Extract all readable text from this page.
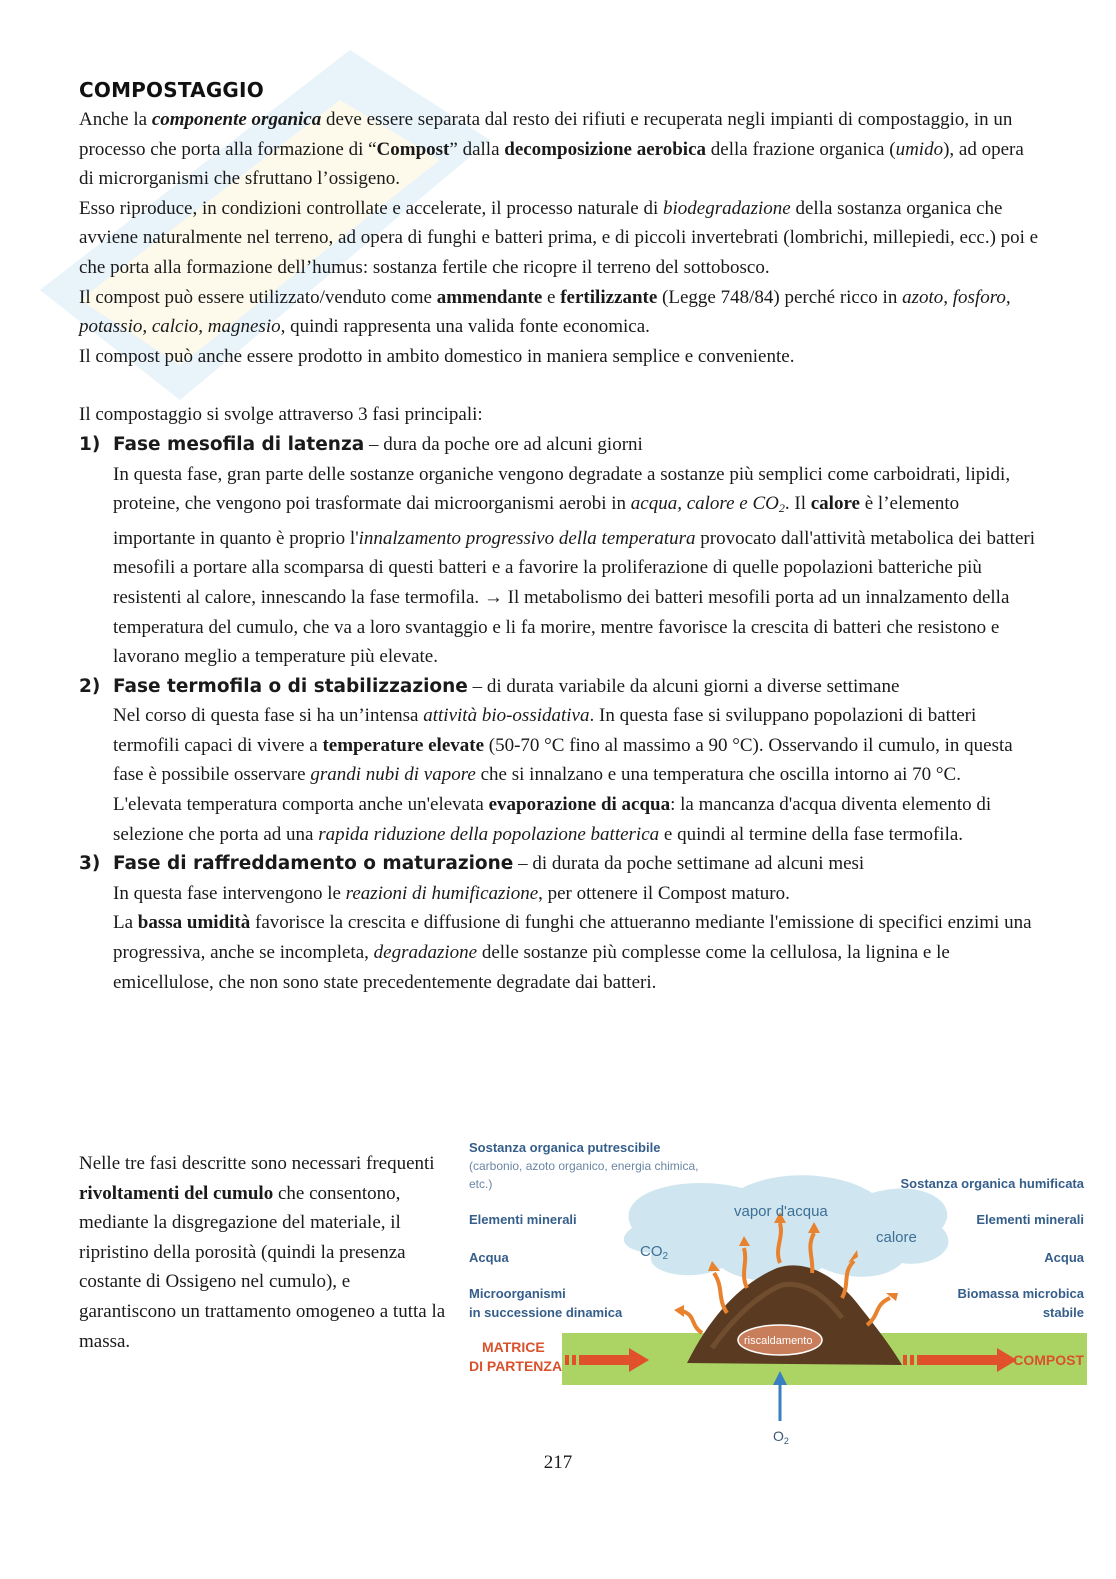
COMPOSTAGGIO

Anche la componente organica deve essere separata dal resto dei rifiuti e recuperata negli impianti di compostaggio, in un processo che porta alla formazione di “Compost” dalla decomposizione aerobica della frazione organica (umido), ad opera di microrganismi che sfruttano l’ossigeno.

Esso riproduce, in condizioni controllate e accelerate, il processo naturale di biodegradazione della sostanza organica che avviene naturalmente nel terreno, ad opera di funghi e batteri prima, e di piccoli invertebrati (lombrichi, millepiedi, ecc.) poi e che porta alla formazione dell’humus: sostanza fertile che ricopre il terreno del sottobosco.

Il compost può essere utilizzato/venduto come ammendante e fertilizzante (Legge 748/84) perché ricco in azoto, fosforo, potassio, calcio, magnesio, quindi rappresenta una valida fonte economica.

Il compost può anche essere prodotto in ambito domestico in maniera semplice e conveniente.

Il compostaggio si svolge attraverso 3 fasi principali:

1) Fase mesofila di latenza – dura da poche ore ad alcuni giorni

In questa fase, gran parte delle sostanze organiche vengono degradate a sostanze più semplici come carboidrati, lipidi, proteine, che vengono poi trasformate dai microorganismi aerobi in acqua, calore e $CO_2$. Il calore è l’elemento importante in quanto è proprio l'innalzamento progressivo della temperatura provocato dall'attività metabolica dei batteri mesofili a portare alla scomparsa di questi batteri e a favorire la proliferazione di quelle popolazioni batteriche più resistenti al calore, innescando la fase termofila. → Il metabolismo dei batteri mesofili porta ad un innalzamento della temperatura del cumulo, che va a loro svantaggio e li fa morire, mentre favorisce la crescita di batteri che resistono e lavorano meglio a temperature più elevate.

2) Fase termofila o di stabilizzazione – di durata variabile da alcuni giorni a diverse settimane

Nel corso di questa fase si ha un’intensa attività bio-ossidativa. In questa fase si sviluppano popolazioni di batteri termofili capaci di vivere a temperature elevate (50-70 °C fino al massimo a 90 °C). Osservando il cumulo, in questa fase è possibile osservare grandi nubi di vapore che si innalzano e una temperatura che oscilla intorno ai 70 °C.

L'elevata temperatura comporta anche un'elevata evaporazione di acqua: la mancanza d'acqua diventa elemento di selezione che porta ad una rapida riduzione della popolazione batterica e quindi al termine della fase termofila.

3) Fase di raffreddamento o maturazione – di durata da poche settimane ad alcuni mesi

In questa fase intervengono le reazioni di humificazione, per ottenere il Compost maturo.

La bassa umidità favorisce la crescita e diffusione di funghi che attueranno mediante l'emissione di specifici enzimi una progressiva, anche se incompleta, degradazione delle sostanze più complesse come la cellulosa, la lignina e le emicellulose, che non sono state precedentemente degradate dai batteri.

Nelle tre fasi descritte sono necessari frequenti rivoltamenti del cumulo che consentono, mediante la disgregazione del materiale, il ripristino della porosità (quindi la presenza costante di Ossigeno nel cumulo), e garantiscono un trattamento omogeneo a tutta la massa.

Sostanza organica putrescibile
(carbonio, azoto organico, energia chimica, etc.)
Elementi minerali
Acqua
Microorganismi
in successione dinamica
MATRICE
DI PARTENZA
Sostanza organica humificata
Elementi minerali
Acqua
Biomassa microbica
stabile
COMPOST
vapor d'acqua
calore
$CO_2$
riscaldamento
$O_2$
217
